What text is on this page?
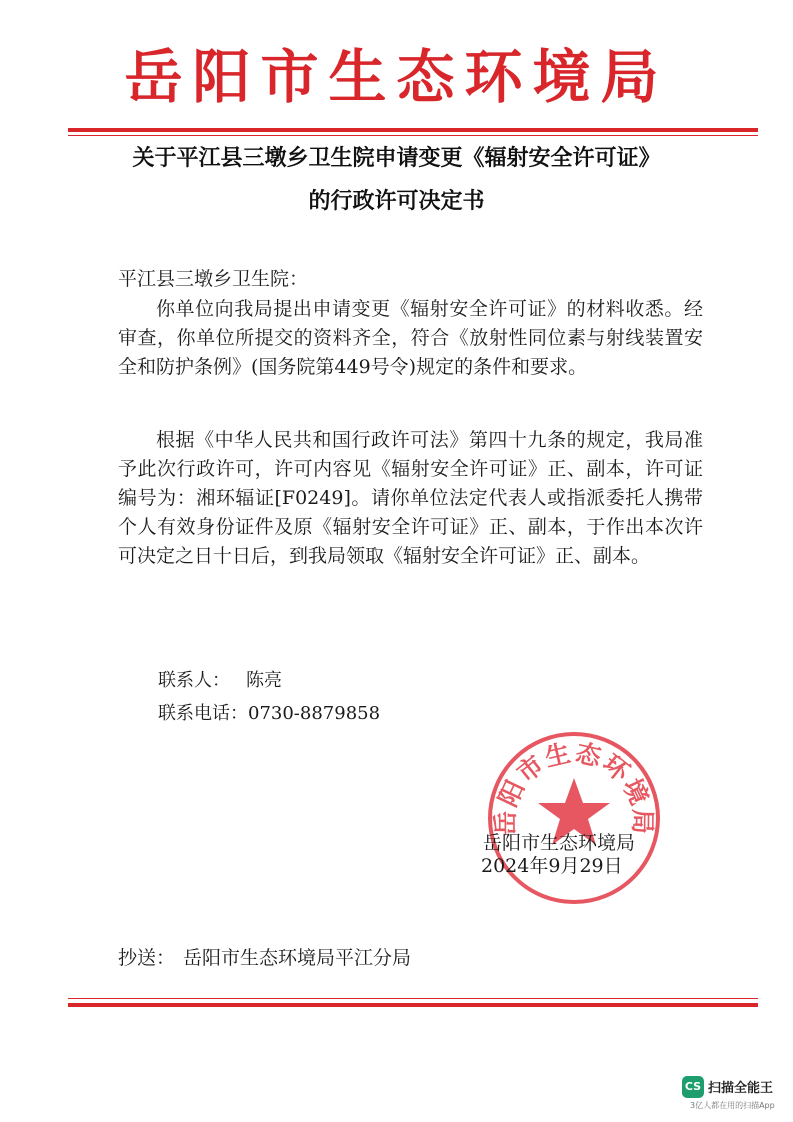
岳阳市生态环境局
关于平江县三墩乡卫生院申请变更《辐射安全许可证》
的行政许可决定书
平江县三墩乡卫生院：

你单位向我局提出申请变更《辐射安全许可证》的材料收悉。经审查，你单位所提交的资料齐全，符合《放射性同位素与射线装置安全和防护条例》(国务院第449号令)规定的条件和要求。

根据《中华人民共和国行政许可法》第四十九条的规定，我局准予此次行政许可，许可内容见《辐射安全许可证》正、副本，许可证编号为：湘环辐证[F0249]。请你单位法定代表人或指派委托人携带个人有效身份证件及原《辐射安全许可证》正、副本，于作出本次许可决定之日十日后，到我局领取《辐射安全许可证》正、副本。

联系人： 陈亮
联系电话：0730-8879858
岳阳市生态环境局
岳阳市生态环境局
2024年9月29日
抄送： 岳阳市生态环境局平江分局
CS 扫描全能王
3亿人都在用的扫描App
